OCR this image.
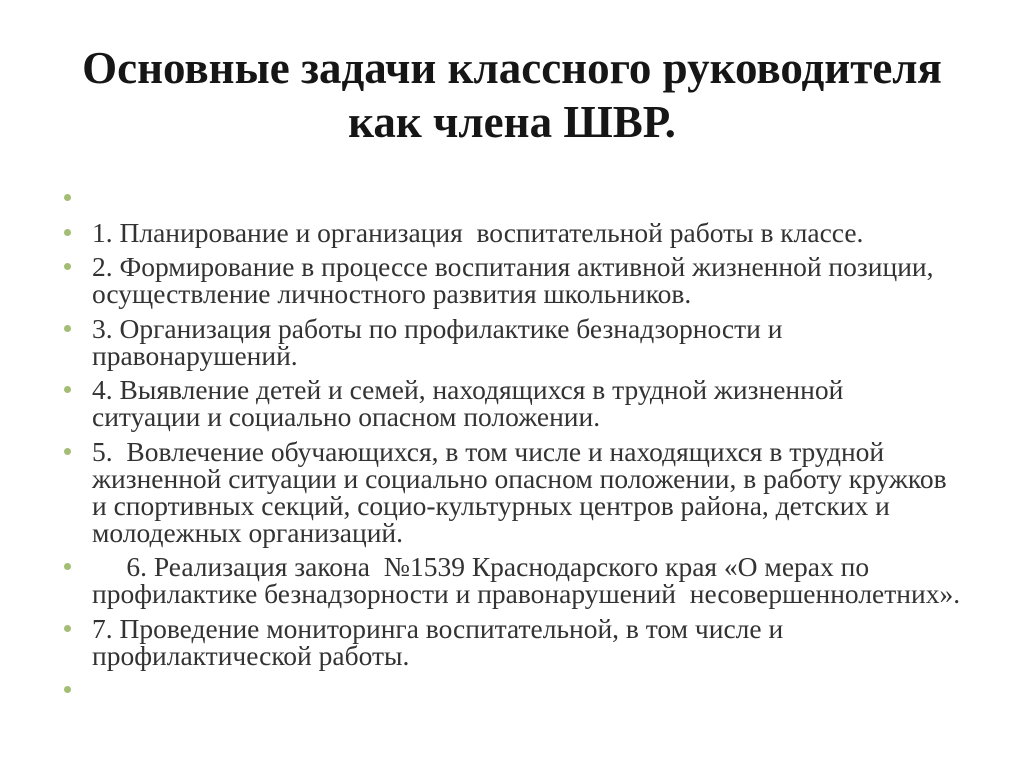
Основные задачи классного руководителя
как члена ШВР.
1. Планирование и организация  воспитательной работы в классе.
2. Формирование в процессе воспитания активной жизненной позиции,
осуществление личностного развития школьников.
3. Организация работы по профилактике безнадзорности и
правонарушений.
4. Выявление детей и семей, находящихся в трудной жизненной
ситуации и социально опасном положении.
5.  Вовлечение обучающихся, в том числе и находящихся в трудной
жизненной ситуации и социально опасном положении, в работу кружков
и спортивных секций, социо-культурных центров района, детских и
молодежных организаций.
6. Реализация закона  №1539 Краснодарского края «О мерах по
профилактике безнадзорности и правонарушений  несовершеннолетних».
7. Проведение мониторинга воспитательной, в том числе и
профилактической работы.
